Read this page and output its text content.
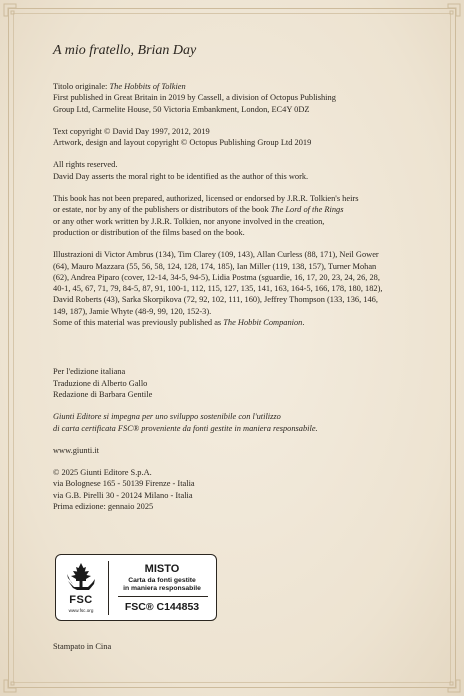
A mio fratello, Brian Day

Titolo originale: The Hobbits of Tolkien

First published in Great Britain in 2019 by Cassell, a division of Octopus Publishing

Group Ltd, Carmelite House, 50 Victoria Embankment, London, EC4Y 0DZ

Text copyright © David Day 1997, 2012, 2019

Artwork, design and layout copyright © Octopus Publishing Group Ltd 2019

All rights reserved.

David Day asserts the moral right to be identified as the author of this work.

This book has not been prepared, authorized, licensed or endorsed by J.R.R. Tolkien's heirs

or estate, nor by any of the publishers or distributors of the book The Lord of the Rings

or any other work written by J.R.R. Tolkien, nor anyone involved in the creation,

production or distribution of the films based on the book.

Illustrazioni di Victor Ambrus (134), Tim Clarey (109, 143), Allan Curless (88, 171), Neil Gower

(64), Mauro Mazzara (55, 56, 58, 124, 128, 174, 185), Ian Miller (119, 138, 157), Turner Mohan

(62), Andrea Piparo (cover, 12-14, 34-5, 94-5), Lidia Postma (sguardie, 16, 17, 20, 23, 24, 26, 28,

40-1, 45, 67, 71, 79, 84-5, 87, 91, 100-1, 112, 115, 127, 135, 141, 163, 164-5, 166, 178, 180, 182),

David Roberts (43), Sarka Skorpikova (72, 92, 102, 111, 160), Jeffrey Thompson (133, 136, 146,

149, 187), Jamie Whyte (48-9, 99, 120, 152-3).

Some of this material was previously published as The Hobbit Companion.

Per l'edizione italiana

Traduzione di Alberto Gallo

Redazione di Barbara Gentile

Giunti Editore si impegna per uno sviluppo sostenibile con l'utilizzo

di carta certificata FSC® proveniente da fonti gestite in maniera responsabile.

www.giunti.it

© 2025 Giunti Editore S.p.A.

via Bolognese 165 - 50139 Firenze - Italia

via G.B. Pirelli 30 - 20124 Milano - Italia

Prima edizione: gennaio 2025

FSC
www.fsc.org
MISTO
Carta da fonti gestite
in maniera responsabile
FSC® C144853
Stampato in Cina
